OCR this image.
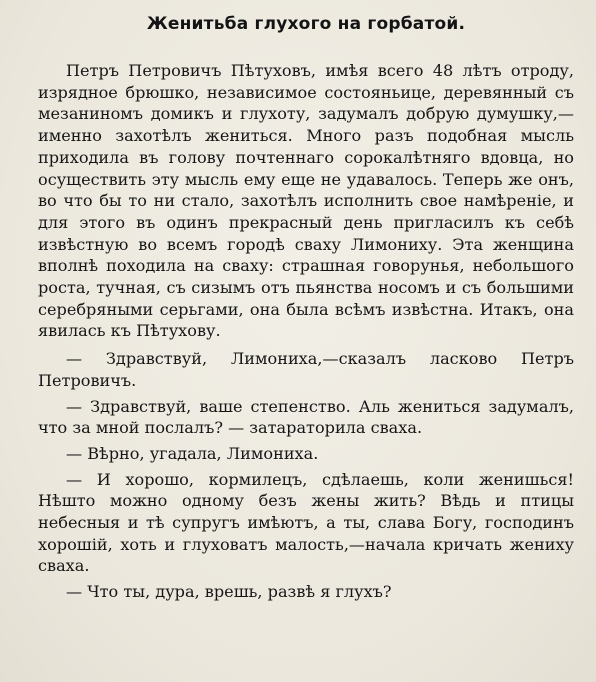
Женитьба глухого на горбатой.

Петръ Петровичъ Пѣтуховъ, имѣя всего 48 лѣтъ отроду, изрядное брюшко, независимое состояньице, деревянный съ мезаниномъ домикъ и глухоту, задумалъ добрую думушку,—именно захотѣлъ жениться. Много разъ подобная мысль приходила въ голову почтеннаго сорокалѣтняго вдовца, но осуществить эту мысль ему еще не удавалось. Теперь же онъ, во что бы то ни стало, захотѣлъ исполнить свое намѣреніе, и для этого въ одинъ прекрасный день пригласилъ къ себѣ извѣстную во всемъ городѣ сваху Лимониху. Эта женщина вполнѣ походила на сваху: страшная говорунья, небольшого роста, тучная, съ сизымъ отъ пьянства носомъ и съ большими серебряными серьгами, она была всѣмъ извѣстна. Итакъ, она явилась къ Пѣтухову.

— Здравствуй, Лимониха,—сказалъ ласково Петръ Петровичъ.

— Здравствуй, ваше степенство. Аль жениться задумалъ, что за мной послалъ? — затараторила сваха.

— Вѣрно, угадала, Лимониха.

— И хорошо, кормилецъ, сдѣлаешь, коли женишься! Нѣшто можно одному безъ жены жить? Вѣдь и птицы небесныя и тѣ супругъ имѣютъ, а ты, слава Богу, господинъ хорошій, хоть и глуховатъ малость,—начала кричать жениху сваха.

— Что ты, дура, врешь, развѣ я глухъ?
